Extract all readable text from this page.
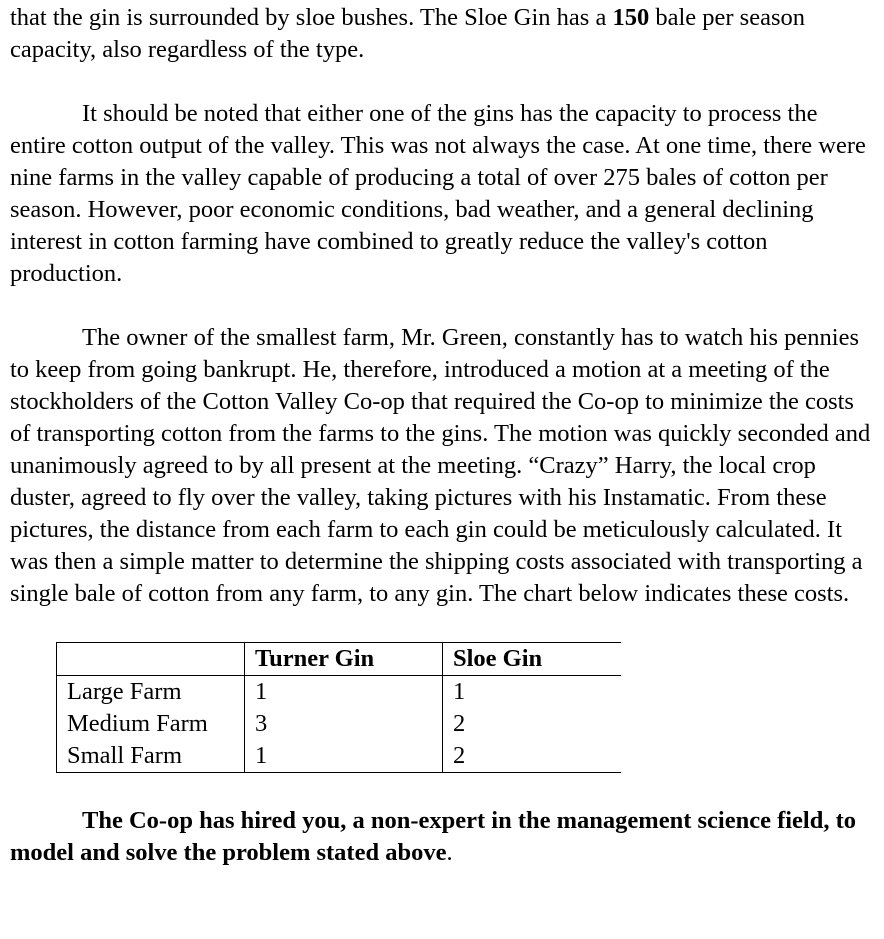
that the gin is surrounded by sloe bushes. The Sloe Gin has a 150 bale per season capacity, also regardless of the type.

It should be noted that either one of the gins has the capacity to process the entire cotton output of the valley. This was not always the case. At one time, there were nine farms in the valley capable of producing a total of over 275 bales of cotton per season. However, poor economic conditions, bad weather, and a general declining interest in cotton farming have combined to greatly reduce the valley's cotton production.

The owner of the smallest farm, Mr. Green, constantly has to watch his pennies to keep from going bankrupt. He, therefore, introduced a motion at a meeting of the stockholders of the Cotton Valley Co-op that required the Co-op to minimize the costs of transporting cotton from the farms to the gins. The motion was quickly seconded and unanimously agreed to by all present at the meeting. “Crazy” Harry, the local crop duster, agreed to fly over the valley, taking pictures with his Instamatic. From these pictures, the distance from each farm to each gin could be meticulously calculated. It was then a simple matter to determine the shipping costs associated with transporting a single bale of cotton from any farm, to any gin. The chart below indicates these costs.

	Turner Gin	Sloe Gin
Large Farm	1	1
Medium Farm	3	2
Small Farm	1	2

The Co-op has hired you, a non-expert in the management science field, to model and solve the problem stated above.
